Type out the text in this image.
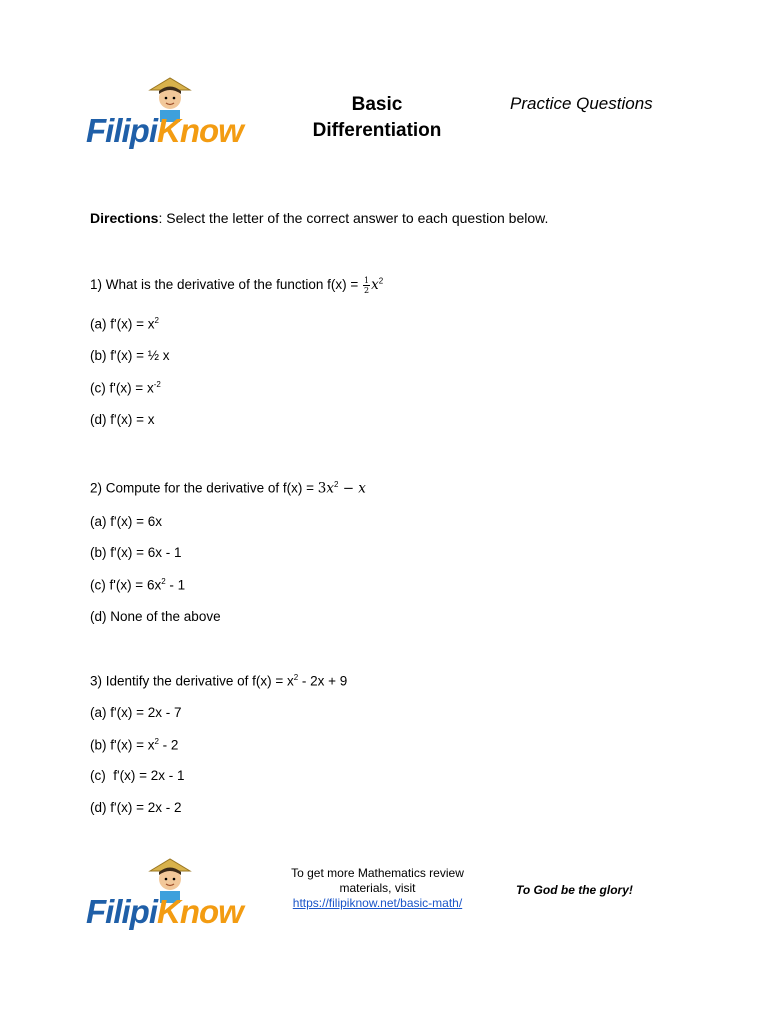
FilipiKnow
Basic
Differentiation
Practice Questions
Directions: Select the letter of the correct answer to each question below.
1) What is the derivative of the function $f(x) = \frac{1}{2} x^2$
(a) $f'(x) = x^2$
(b) f'(x) = ½ x
(c) $f'(x) = x^{-2}$
(d) f'(x) = x
2) Compute for the derivative of $f(x) = 3x^2 - x$
(a) f'(x) = 6x
(b) f'(x) = 6x - 1
(c) $f'(x) = 6x^2 - 1$
(d) None of the above
3) Identify the derivative of $f(x) = x^2 - 2x + 9$
(a) f'(x) = 2x - 7
(b) $f'(x) = x^2 - 2$
(c)  f'(x) = 2x - 1
(d) f'(x) = 2x - 2
FilipiKnow
To get more Mathematics review
materials, visit
https://filipiknow.net/basic-math/
To God be the glory!
